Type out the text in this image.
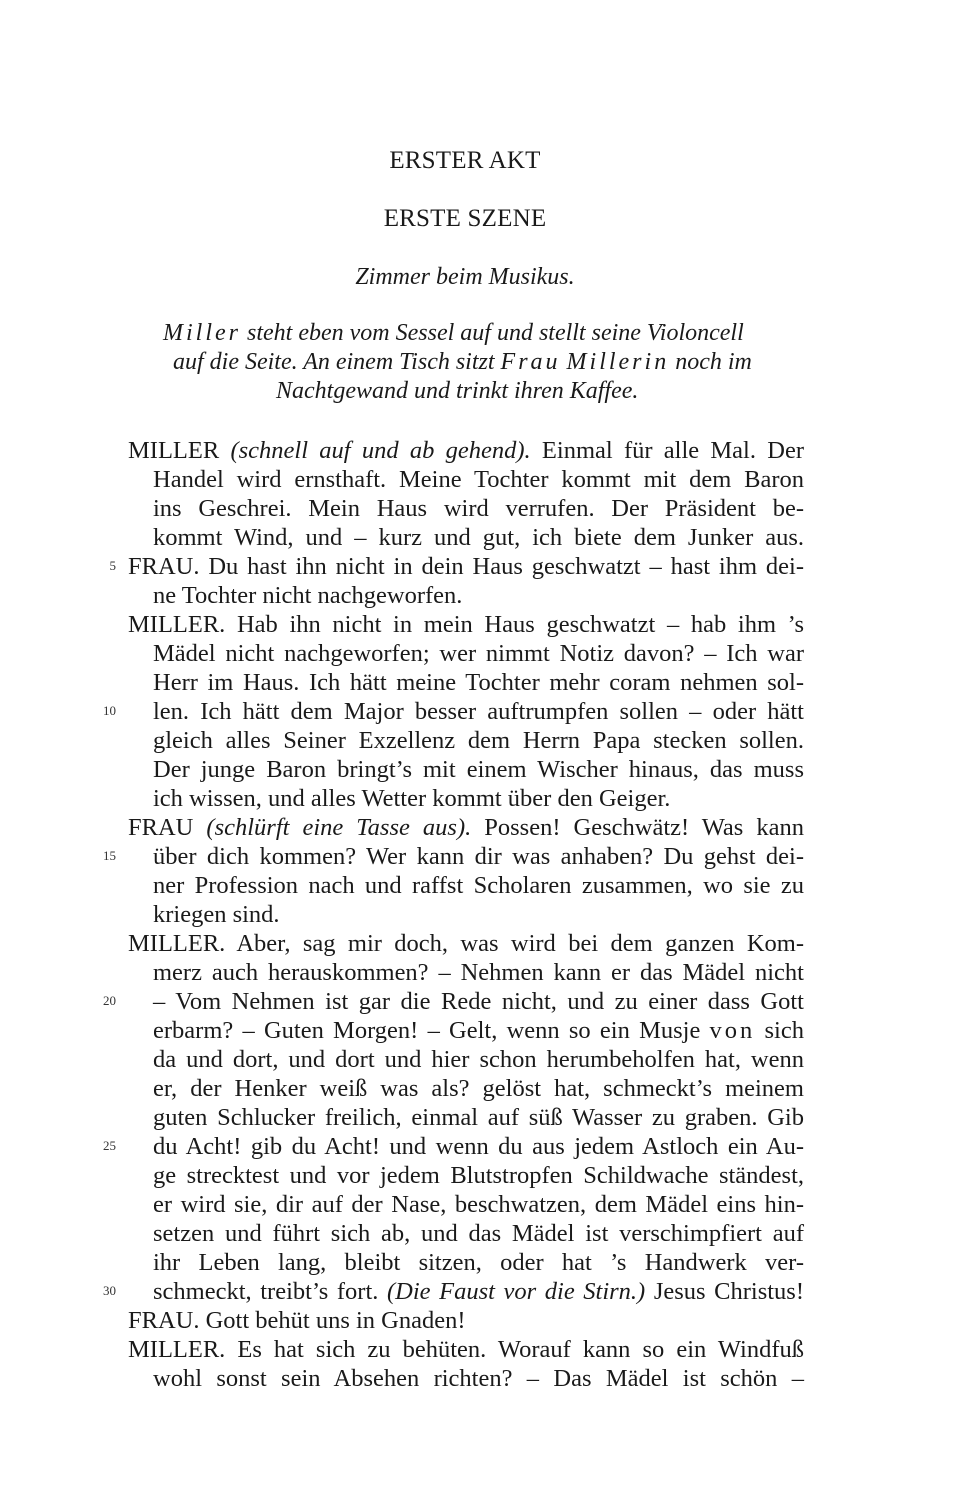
ERSTER AKT
ERSTE SZENE
Zimmer beim Musikus.
Miller steht eben vom Sessel auf und stellt seine Violoncell
auf die Seite. An einem Tisch sitzt Frau Millerin noch im
Nachtgewand und trinkt ihren Kaffee.
MILLER (schnell auf und ab gehend). Einmal für alle Mal. Der
Handel wird ernsthaft. Meine Tochter kommt mit dem Baron
ins Geschrei. Mein Haus wird verrufen. Der Präsident be-
kommt Wind, und – kurz und gut, ich biete dem Junker aus.
5 FRAU. Du hast ihn nicht in dein Haus geschwatzt – hast ihm dei-
ne Tochter nicht nachgeworfen.
MILLER. Hab ihn nicht in mein Haus geschwatzt – hab ihm ’s
Mädel nicht nachgeworfen; wer nimmt Notiz davon? – Ich war
Herr im Haus. Ich hätt meine Tochter mehr coram nehmen sol-
10 len. Ich hätt dem Major besser auftrumpfen sollen – oder hätt
gleich alles Seiner Exzellenz dem Herrn Papa stecken sollen.
Der junge Baron bringt’s mit einem Wischer hinaus, das muss
ich wissen, und alles Wetter kommt über den Geiger.
FRAU (schlürft eine Tasse aus). Possen! Geschwätz! Was kann
15 über dich kommen? Wer kann dir was anhaben? Du gehst dei-
ner Profession nach und raffst Scholaren zusammen, wo sie zu
kriegen sind.
MILLER. Aber, sag mir doch, was wird bei dem ganzen Kom-
merz auch herauskommen? – Nehmen kann er das Mädel nicht
20 – Vom Nehmen ist gar die Rede nicht, und zu einer dass Gott
erbarm? – Guten Morgen! – Gelt, wenn so ein Musje von sich
da und dort, und dort und hier schon herumbeholfen hat, wenn
er, der Henker weiß was als? gelöst hat, schmeckt’s meinem
guten Schlucker freilich, einmal auf süß Wasser zu graben. Gib
25 du Acht! gib du Acht! und wenn du aus jedem Astloch ein Au-
ge strecktest und vor jedem Blutstropfen Schildwache ständest,
er wird sie, dir auf der Nase, beschwatzen, dem Mädel eins hin-
setzen und führt sich ab, und das Mädel ist verschimpfiert auf
ihr Leben lang, bleibt sitzen, oder hat ’s Handwerk ver-
30 schmeckt, treibt’s fort. (Die Faust vor die Stirn.) Jesus Christus!
FRAU. Gott behüt uns in Gnaden!
MILLER. Es hat sich zu behüten. Worauf kann so ein Windfuß
wohl sonst sein Absehen richten? – Das Mädel ist schön –
